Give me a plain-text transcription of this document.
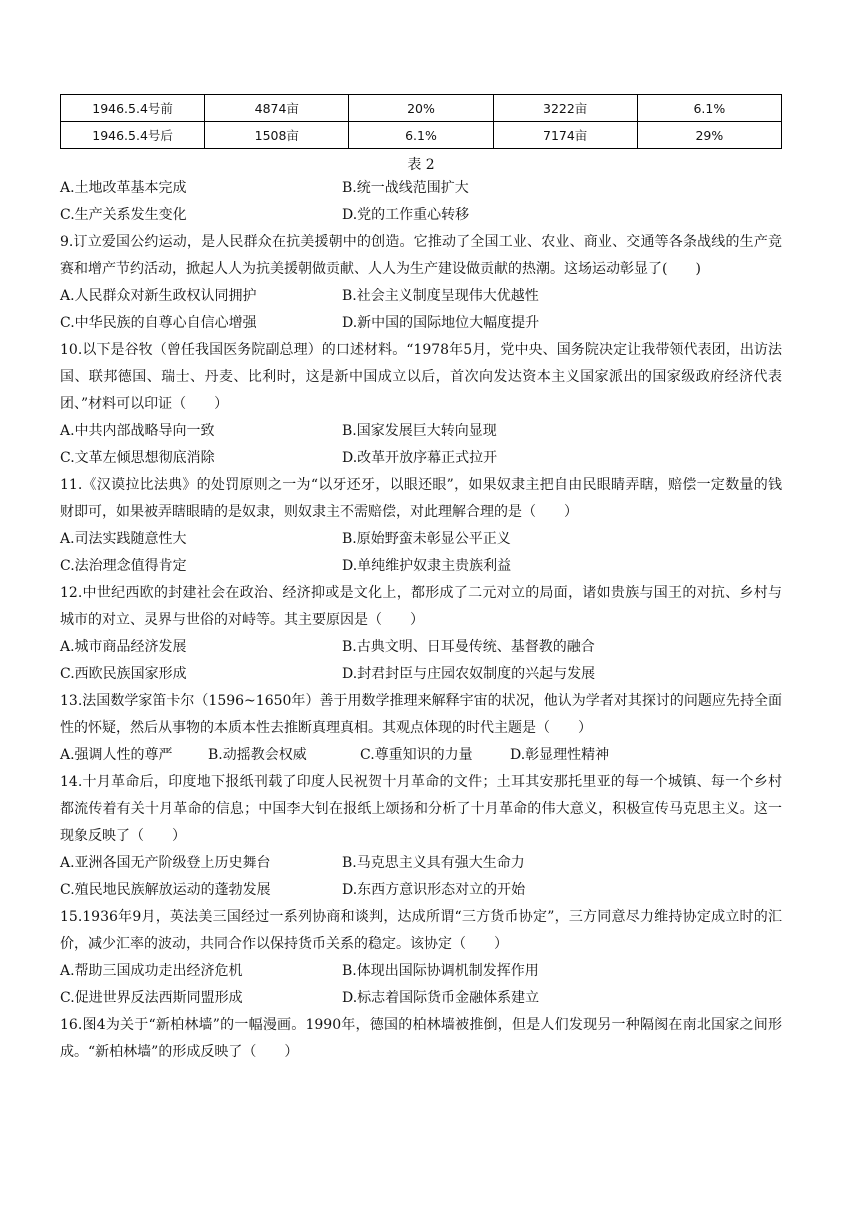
1946.5.4号前	4874亩	20%	3222亩	6.1%
1946.5.4号后	1508亩	6.1%	7174亩	29%
表 2
A.土地改革基本完成	B.统一战线范围扩大
C.生产关系发生变化	D.党的工作重心转移

9.订立爱国公约运动，是人民群众在抗美援朝中的创造。它推动了全国工业、农业、商业、交通等各条战线的生产竞赛和增产节约活动，掀起人人为抗美援朝做贡献、人人为生产建设做贡献的热潮。这场运动彰显了(　　)

A.人民群众对新生政权认同拥护	B.社会主义制度呈现伟大优越性
C.中华民族的自尊心自信心增强	D.新中国的国际地位大幅度提升

10.以下是谷牧（曾任我国医务院副总理）的口述材料。“1978年5月，党中央、国务院决定让我带领代表团，出访法国、联邦德国、瑞士、丹麦、比利时，这是新中国成立以后，首次向发达资本主义国家派出的国家级政府经济代表团、”材料可以印证（　　）

A.中共内部战略导向一致	B.国家发展巨大转向显现
C.文革左倾思想彻底消除	D.改革开放序幕正式拉开

11.《汉谟拉比法典》的处罚原则之一为“以牙还牙，以眼还眼”，如果奴隶主把自由民眼睛弄瞎，赔偿一定数量的钱财即可，如果被弄瞎眼睛的是奴隶，则奴隶主不需赔偿，对此理解合理的是（　　）

A.司法实践随意性大	B.原始野蛮未彰显公平正义
C.法治理念值得肯定	D.单纯维护奴隶主贵族利益

12.中世纪西欧的封建社会在政治、经济抑或是文化上，都形成了二元对立的局面，诸如贵族与国王的对抗、乡村与城市的对立、灵界与世俗的对峙等。其主要原因是（　　）

A.城市商品经济发展	B.古典文明、日耳曼传统、基督教的融合
C.西欧民族国家形成	D.封君封臣与庄园农奴制度的兴起与发展

13.法国数学家笛卡尔（1596~1650年）善于用数学推理来解释宇宙的状况，他认为学者对其探讨的问题应先持全面性的怀疑，然后从事物的本质本性去推断真理真相。其观点体现的时代主题是（　　）

A.强调人性的尊严	B.动摇教会权威	C.尊重知识的力量	D.彰显理性精神

14.十月革命后，印度地下报纸刊载了印度人民祝贺十月革命的文件；土耳其安那托里亚的每一个城镇、每一个乡村都流传着有关十月革命的信息；中国李大钊在报纸上颂扬和分析了十月革命的伟大意义，积极宣传马克思主义。这一现象反映了（　　）

A.亚洲各国无产阶级登上历史舞台	B.马克思主义具有强大生命力
C.殖民地民族解放运动的蓬勃发展	D.东西方意识形态对立的开始

15.1936年9月，英法美三国经过一系列协商和谈判，达成所谓“三方货币协定”，三方同意尽力维持协定成立时的汇价，减少汇率的波动，共同合作以保持货币关系的稳定。该协定（　　）

A.帮助三国成功走出经济危机	B.体现出国际协调机制发挥作用
C.促进世界反法西斯同盟形成	D.标志着国际货币金融体系建立

16.图4为关于“新柏林墙”的一幅漫画。1990年，德国的柏林墙被推倒，但是人们发现另一种隔阂在南北国家之间形成。“新柏林墙”的形成反映了（　　）
